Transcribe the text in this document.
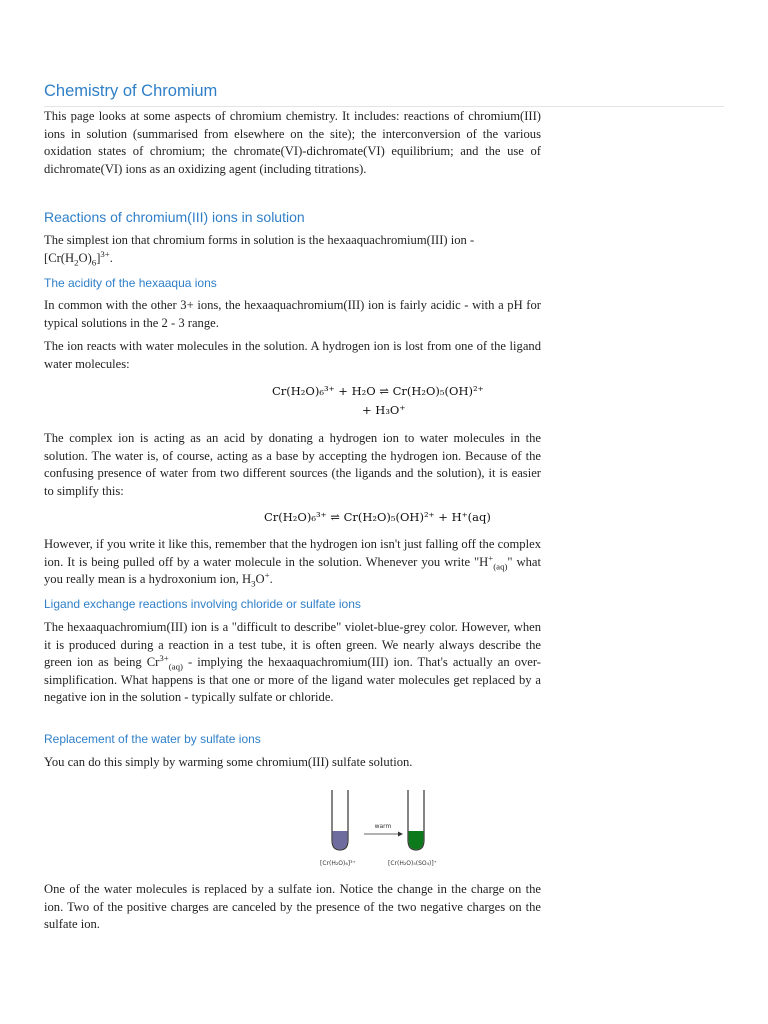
Chemistry of Chromium

This page looks at some aspects of chromium chemistry. It includes: reactions of chromium(III) ions in solution (summarised from elsewhere on the site); the interconversion of the various oxidation states of chromium; the chromate(VI)-dichromate(VI) equilibrium; and the use of dichromate(VI) ions as an oxidizing agent (including titrations).

Reactions of chromium(III) ions in solution

The simplest ion that chromium forms in solution is the hexaaquachromium(III) ion - $[Cr(H_2O)_6]^{3+}$.

The acidity of the hexaaqua ions

In common with the other 3+ ions, the hexaaquachromium(III) ion is fairly acidic - with a pH for typical solutions in the 2 - 3 range.

The ion reacts with water molecules in the solution. A hydrogen ion is lost from one of the ligand water molecules:

Cr(H₂O)₆³⁺ + H₂O ⇌ Cr(H₂O)₅(OH)²⁺
+ H₃O⁺

The complex ion is acting as an acid by donating a hydrogen ion to water molecules in the solution. The water is, of course, acting as a base by accepting the hydrogen ion. Because of the confusing presence of water from two different sources (the ligands and the solution), it is easier to simplify this:

Cr(H₂O)₆³⁺ ⇌ Cr(H₂O)₅(OH)²⁺ + H⁺(aq)

However, if you write it like this, remember that the hydrogen ion isn't just falling off the complex ion. It is being pulled off by a water molecule in the solution. Whenever you write "$H^+_{(aq)}$" what you really mean is a hydroxonium ion, $H_3O^+$.

Ligand exchange reactions involving chloride or sulfate ions

The hexaaquachromium(III) ion is a "difficult to describe" violet-blue-grey color. However, when it is produced during a reaction in a test tube, it is often green. We nearly always describe the green ion as being $Cr^{3+}_{(aq)}$ - implying the hexaaquachromium(III) ion. That's actually an over-simplification. What happens is that one or more of the ligand water molecules get replaced by a negative ion in the solution - typically sulfate or chloride.

Replacement of the water by sulfate ions

You can do this simply by warming some chromium(III) sulfate solution.

One of the water molecules is replaced by a sulfate ion. Notice the change in the charge on the ion. Two of the positive charges are canceled by the presence of the two negative charges on the sulfate ion.

warm
[Cr(H₂O)₆]³⁺	[Cr(H₂O)₅(SO₄)]⁺
